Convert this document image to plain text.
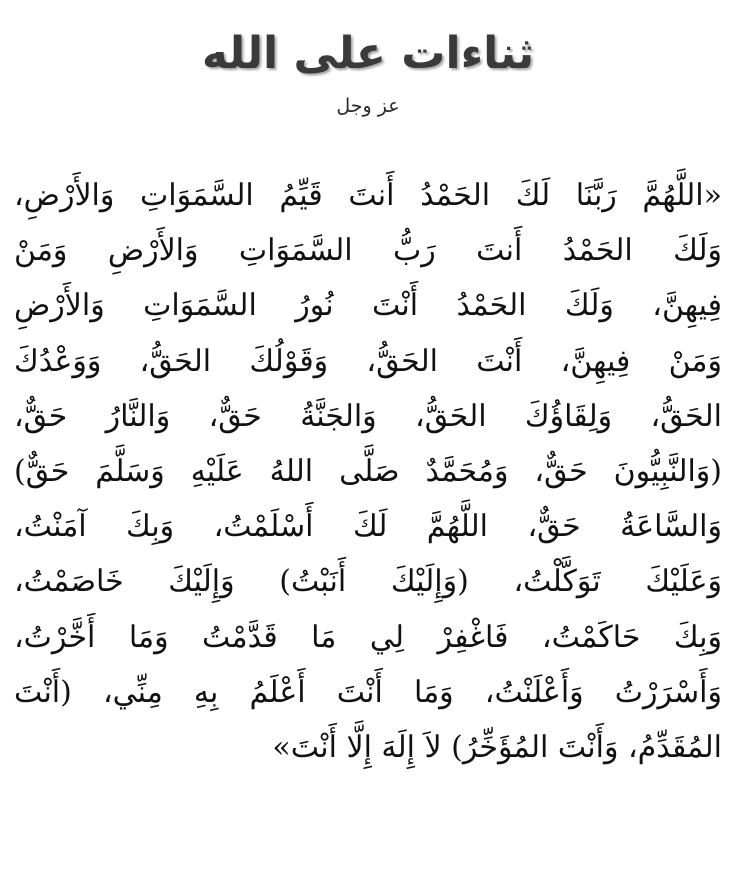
ثناءات على الله
عز وجل
«اللَّهُمَّ رَبَّنَا لَكَ الحَمْدُ أَنتَ قَيِّمُ السَّمَوَاتِ وَالأَرْضِ،
وَلَكَ الحَمْدُ أَنتَ رَبُّ السَّمَوَاتِ وَالأَرْضِ وَمَنْ
فِيهِنَّ، وَلَكَ الحَمْدُ أَنْتَ نُورُ السَّمَوَاتِ وَالأَرْضِ
وَمَنْ فِيهِنَّ، أَنْتَ الحَقُّ، وَقَوْلُكَ الحَقُّ، وَوَعْدُكَ
الحَقُّ، وَلِقَاؤُكَ الحَقُّ، وَالجَنَّةُ حَقٌّ، وَالنَّارُ حَقٌّ،
(وَالنَّبِيُّونَ حَقٌّ، وَمُحَمَّدٌ صَلَّى اللهُ عَلَيْهِ وَسَلَّمَ حَقٌّ)
وَالسَّاعَةُ حَقٌّ، اللَّهُمَّ لَكَ أَسْلَمْتُ، وَبِكَ آمَنْتُ،
وَعَلَيْكَ تَوَكَّلْتُ، (وَإِلَيْكَ أَنَبْتُ) وَإِلَيْكَ خَاصَمْتُ،
وَبِكَ حَاكَمْتُ، فَاغْفِرْ لِي مَا قَدَّمْتُ وَمَا أَخَّرْتُ،
وَأَسْرَرْتُ وَأَعْلَنْتُ، وَمَا أَنْتَ أَعْلَمُ بِهِ مِنِّي، (أَنْتَ
المُقَدِّمُ، وَأَنْتَ المُؤَخِّرُ) لاَ إِلَهَ إِلَّا أَنْتَ»
